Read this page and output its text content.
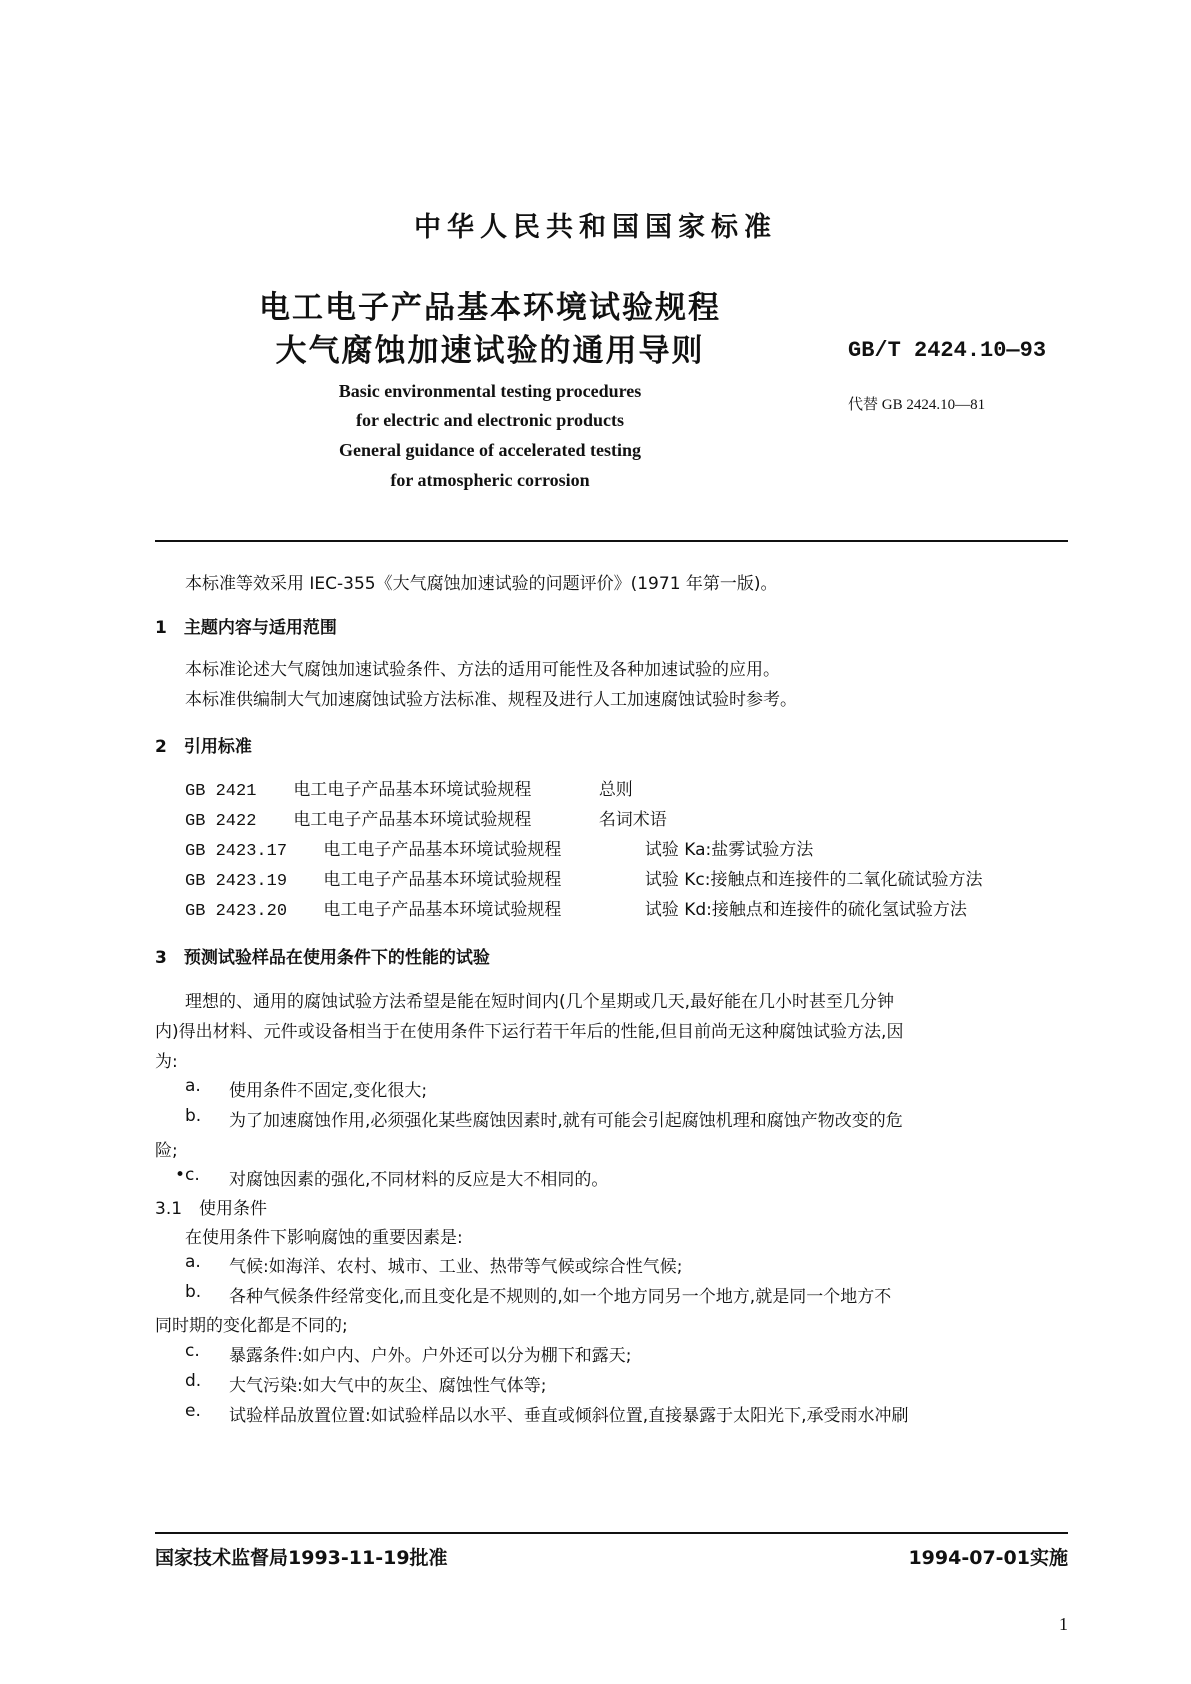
中华人民共和国国家标准
电工电子产品基本环境试验规程
大气腐蚀加速试验的通用导则	GB/T 2424.10—93
代替 GB 2424.10—81
Basic environmental testing procedures
for electric and electronic products
General guidance of accelerated testing
for atmospheric corrosion
本标准等效采用 IEC-355《大气腐蚀加速试验的问题评价》(1971 年第一版)。
1　主题内容与适用范围
本标准论述大气腐蚀加速试验条件、方法的适用可能性及各种加速试验的应用。
本标准供编制大气加速腐蚀试验方法标准、规程及进行人工加速腐蚀试验时参考。
2　引用标准
GB 2421 电工电子产品基本环境试验规程	总则
GB 2422 电工电子产品基本环境试验规程	名词术语
GB 2423.17 电工电子产品基本环境试验规程	试验 Ka:盐雾试验方法
GB 2423.19 电工电子产品基本环境试验规程	试验 Kc:接触点和连接件的二氧化硫试验方法
GB 2423.20 电工电子产品基本环境试验规程	试验 Kd:接触点和连接件的硫化氢试验方法
3　预测试验样品在使用条件下的性能的试验
理想的、通用的腐蚀试验方法希望是能在短时间内(几个星期或几天,最好能在几小时甚至几分钟
内)得出材料、元件或设备相当于在使用条件下运行若干年后的性能,但目前尚无这种腐蚀试验方法,因
为:
a. 使用条件不固定,变化很大;
b. 为了加速腐蚀作用,必须强化某些腐蚀因素时,就有可能会引起腐蚀机理和腐蚀产物改变的危
险;
•c. 对腐蚀因素的强化,不同材料的反应是大不相同的。
3.1　使用条件
在使用条件下影响腐蚀的重要因素是:
a. 气候:如海洋、农村、城市、工业、热带等气候或综合性气候;
b. 各种气候条件经常变化,而且变化是不规则的,如一个地方同另一个地方,就是同一个地方不
同时期的变化都是不同的;
c. 暴露条件:如户内、户外。户外还可以分为棚下和露天;
d. 大气污染:如大气中的灰尘、腐蚀性气体等;
e. 试验样品放置位置:如试验样品以水平、垂直或倾斜位置,直接暴露于太阳光下,承受雨水冲刷
国家技术监督局1993-11-19批准	1994-07-01实施
1
